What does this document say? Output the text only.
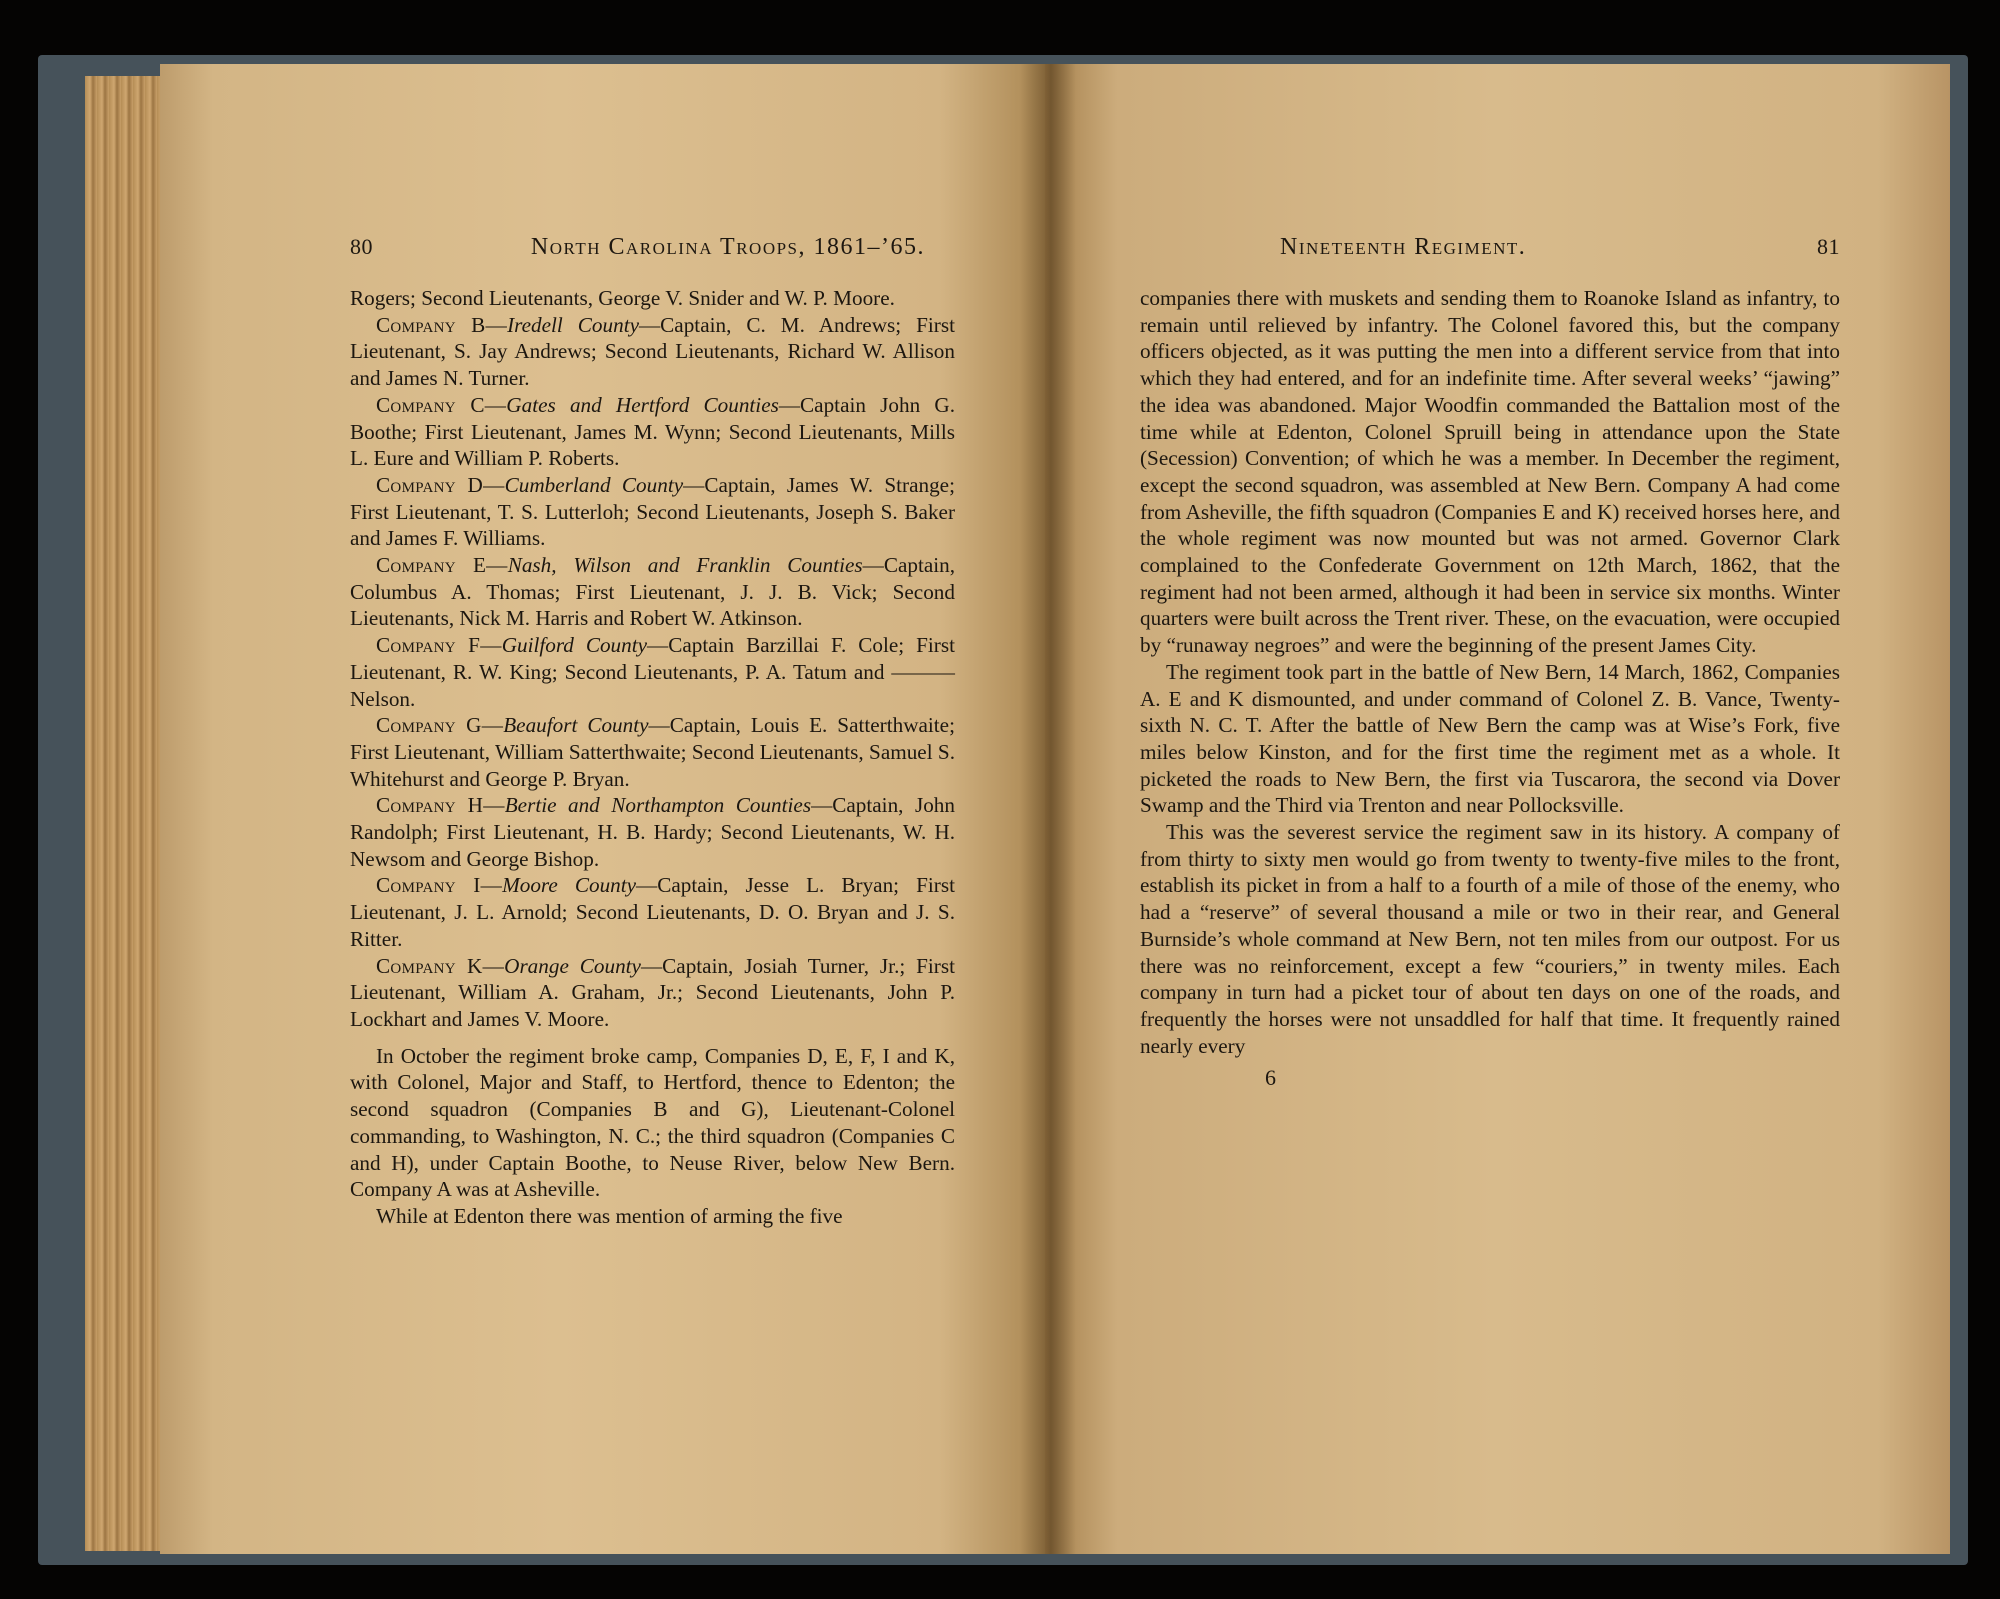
80	North Carolina Troops, 1861–’65.

Rogers; Second Lieutenants, George V. Snider and W. P. Moore.

Company B—Iredell County—Captain, C. M. Andrews; First Lieutenant, S. Jay Andrews; Second Lieutenants, Richard W. Allison and James N. Turner.

Company C—Gates and Hertford Counties—Captain John G. Boothe; First Lieutenant, James M. Wynn; Second Lieutenants, Mills L. Eure and William P. Roberts.

Company D—Cumberland County—Captain, James W. Strange; First Lieutenant, T. S. Lutterloh; Second Lieutenants, Joseph S. Baker and James F. Williams.

Company E—Nash, Wilson and Franklin Counties—Captain, Columbus A. Thomas; First Lieutenant, J. J. B. Vick; Second Lieutenants, Nick M. Harris and Robert W. Atkinson.

Company F—Guilford County—Captain Barzillai F. Cole; First Lieutenant, R. W. King; Second Lieutenants, P. A. Tatum and ——— Nelson.

Company G—Beaufort County—Captain, Louis E. Satterthwaite; First Lieutenant, William Satterthwaite; Second Lieutenants, Samuel S. Whitehurst and George P. Bryan.

Company H—Bertie and Northampton Counties—Captain, John Randolph; First Lieutenant, H. B. Hardy; Second Lieutenants, W. H. Newsom and George Bishop.

Company I—Moore County—Captain, Jesse L. Bryan; First Lieutenant, J. L. Arnold; Second Lieutenants, D. O. Bryan and J. S. Ritter.

Company K—Orange County—Captain, Josiah Turner, Jr.; First Lieutenant, William A. Graham, Jr.; Second Lieutenants, John P. Lockhart and James V. Moore.

In October the regiment broke camp, Companies D, E, F, I and K, with Colonel, Major and Staff, to Hertford, thence to Edenton; the second squadron (Companies B and G), Lieutenant-Colonel commanding, to Washington, N. C.; the third squadron (Companies C and H), under Captain Boothe, to Neuse River, below New Bern. Company A was at Asheville.

While at Edenton there was mention of arming the five

Nineteenth Regiment.	81

companies there with muskets and sending them to Roanoke Island as infantry, to remain until relieved by infantry. The Colonel favored this, but the company officers objected, as it was putting the men into a different service from that into which they had entered, and for an indefinite time. After several weeks’ “jawing” the idea was abandoned. Major Woodfin commanded the Battalion most of the time while at Edenton, Colonel Spruill being in attendance upon the State (Secession) Convention; of which he was a member. In December the regiment, except the second squadron, was assembled at New Bern. Company A had come from Asheville, the fifth squadron (Companies E and K) received horses here, and the whole regiment was now mounted but was not armed. Governor Clark complained to the Confederate Government on 12th March, 1862, that the regiment had not been armed, although it had been in service six months. Winter quarters were built across the Trent river. These, on the evacuation, were occupied by “runaway negroes” and were the beginning of the present James City.

The regiment took part in the battle of New Bern, 14 March, 1862, Companies A. E and K dismounted, and under command of Colonel Z. B. Vance, Twenty-sixth N. C. T. After the battle of New Bern the camp was at Wise’s Fork, five miles below Kinston, and for the first time the regiment met as a whole. It picketed the roads to New Bern, the first via Tuscarora, the second via Dover Swamp and the Third via Trenton and near Pollocksville.

This was the severest service the regiment saw in its history. A company of from thirty to sixty men would go from twenty to twenty-five miles to the front, establish its picket in from a half to a fourth of a mile of those of the enemy, who had a “reserve” of several thousand a mile or two in their rear, and General Burnside’s whole command at New Bern, not ten miles from our outpost. For us there was no reinforcement, except a few “couriers,” in twenty miles. Each company in turn had a picket tour of about ten days on one of the roads, and frequently the horses were not unsaddled for half that time. It frequently rained nearly every

6
